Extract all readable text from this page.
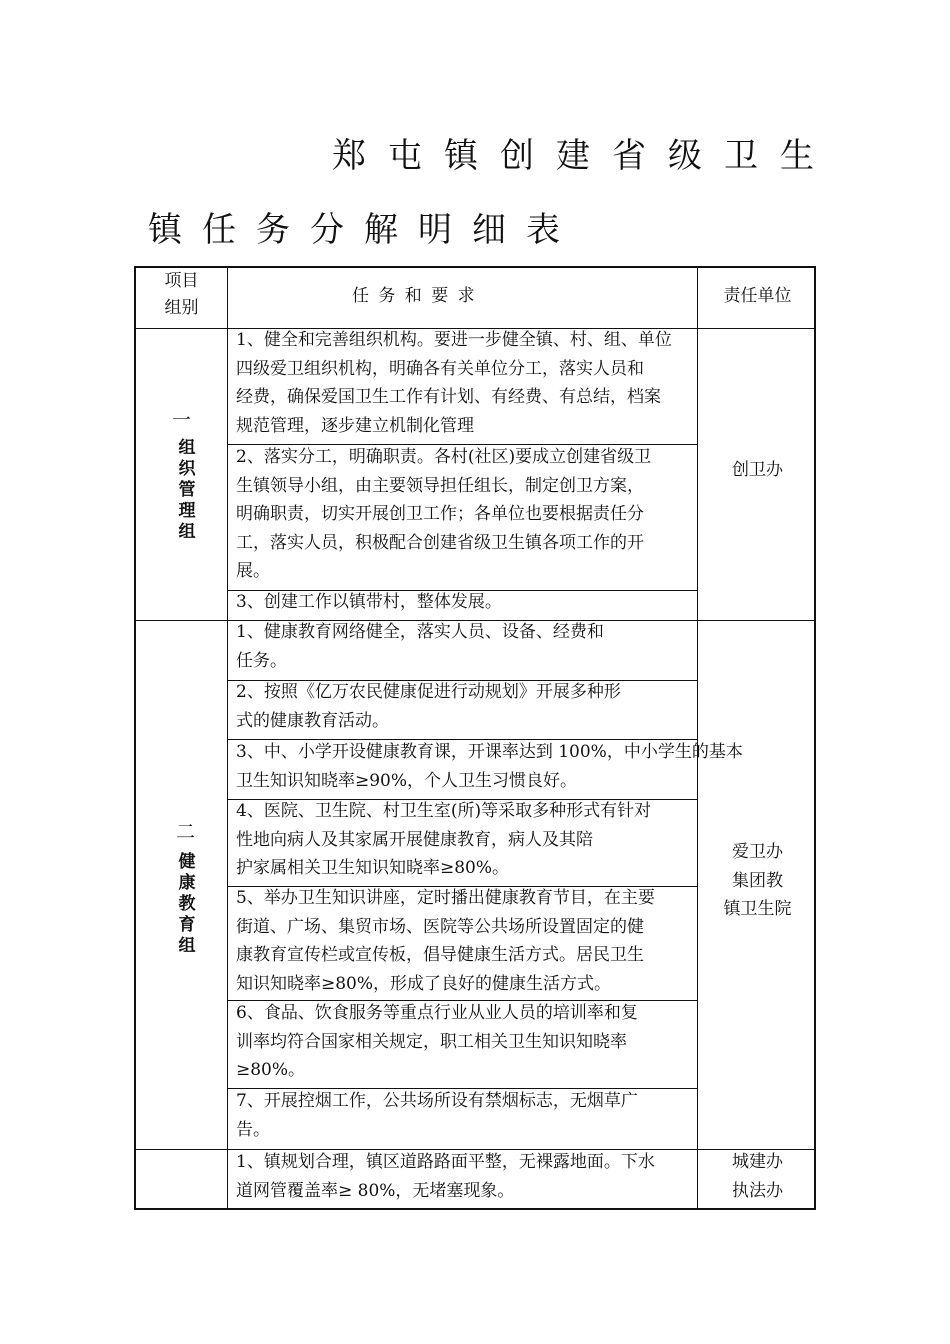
郑屯镇创建省级卫生
镇任务分解明细表
项目
组别
任 务 和 要 求	责任单位
一
组
织
管
理
组
1、健全和完善组织机构。要进一步健全镇、村、组、单位
四级爱卫组织机构，明确各有关单位分工，落实人员和
经费，确保爱国卫生工作有计划、有经费、有总结，档案
规范管理，逐步建立机制化管理
2、落实分工，明确职责。各村(社区)要成立创建省级卫
生镇领导小组，由主要领导担任组长，制定创卫方案，
明确职责，切实开展创卫工作；各单位也要根据责任分
工，落实人员，积极配合创建省级卫生镇各项工作的开
展。
3、创建工作以镇带村，整体发展。
创卫办
二
健
康
教
育
组
1、健康教育网络健全，落实人员、设备、经费和
任务。
2、按照《亿万农民健康促进行动规划》开展多种形
式的健康教育活动。
3、中、小学开设健康教育课，开课率达到 100%，中小学生的基本
卫生知识知晓率≥90%，个人卫生习惯良好。
4、医院、卫生院、村卫生室(所)等采取多种形式有针对
性地向病人及其家属开展健康教育，病人及其陪
护家属相关卫生知识知晓率≥80%。
5、举办卫生知识讲座，定时播出健康教育节目，在主要
街道、广场、集贸市场、医院等公共场所设置固定的健
康教育宣传栏或宣传板，倡导健康生活方式。居民卫生
知识知晓率≥80%，形成了良好的健康生活方式。
6、食品、饮食服务等重点行业从业人员的培训率和复
训率均符合国家相关规定，职工相关卫生知识知晓率
≥80%。
7、开展控烟工作，公共场所设有禁烟标志，无烟草广
告。
爱卫办
集团教
镇卫生院
1、镇规划合理，镇区道路路面平整，无裸露地面。下水
道网管覆盖率≥ 80%，无堵塞现象。
城建办
执法办
